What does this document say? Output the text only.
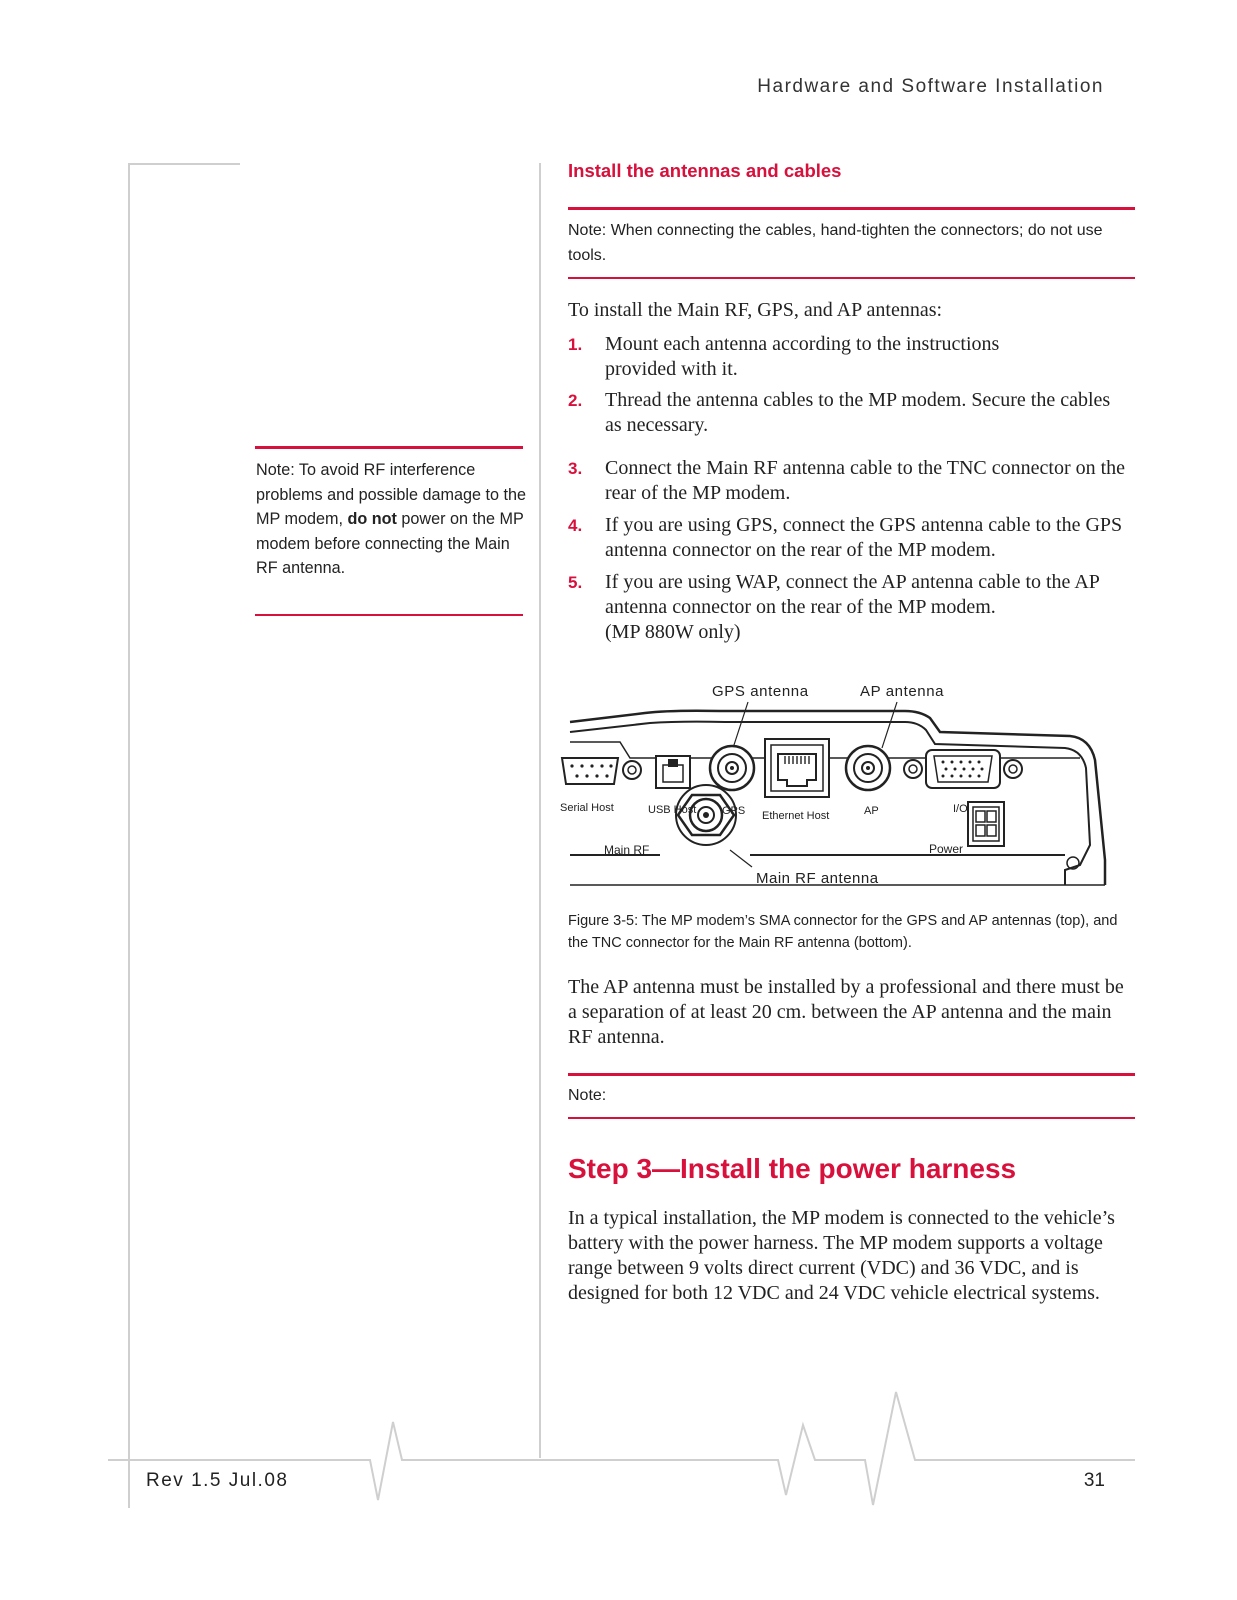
Hardware and Software Installation
Install the antennas and cables
Note: When connecting the cables, hand-tighten the connectors; do not use tools.
Note: To avoid RF interference problems and possible damage to the MP modem, do not power on the MP modem before connecting the Main RF antenna.
To install the Main RF, GPS, and AP antennas:
1. Mount each antenna according to the instructions provided with it.
2. Thread the antenna cables to the MP modem. Secure the cables as necessary.
3. Connect the Main RF antenna cable to the TNC connector on the rear of the MP modem.
4. If you are using GPS, connect the GPS antenna cable to the GPS antenna connector on the rear of the MP modem.
5. If you are using WAP, connect the AP antenna cable to the AP antenna connector on the rear of the MP modem.
(MP 880W only)
GPS antenna	AP antenna
Serial Host	USB Host GPS Ethernet Host	AP	I/O
Main RF	Power
Main RF antenna
Figure 3-5: The MP modem’s SMA connector for the GPS and AP antennas (top), and the TNC connector for the Main RF antenna (bottom).
The AP antenna must be installed by a professional and there must be a separation of at least 20 cm. between the AP antenna and the main RF antenna.
Note:
Step 3—Install the power harness
In a typical installation, the MP modem is connected to the vehicle’s battery with the power harness. The MP modem supports a voltage range between 9 volts direct current (VDC) and 36 VDC, and is designed for both 12 VDC and 24 VDC vehicle electrical systems.
Rev 1.5 Jul.08	31
